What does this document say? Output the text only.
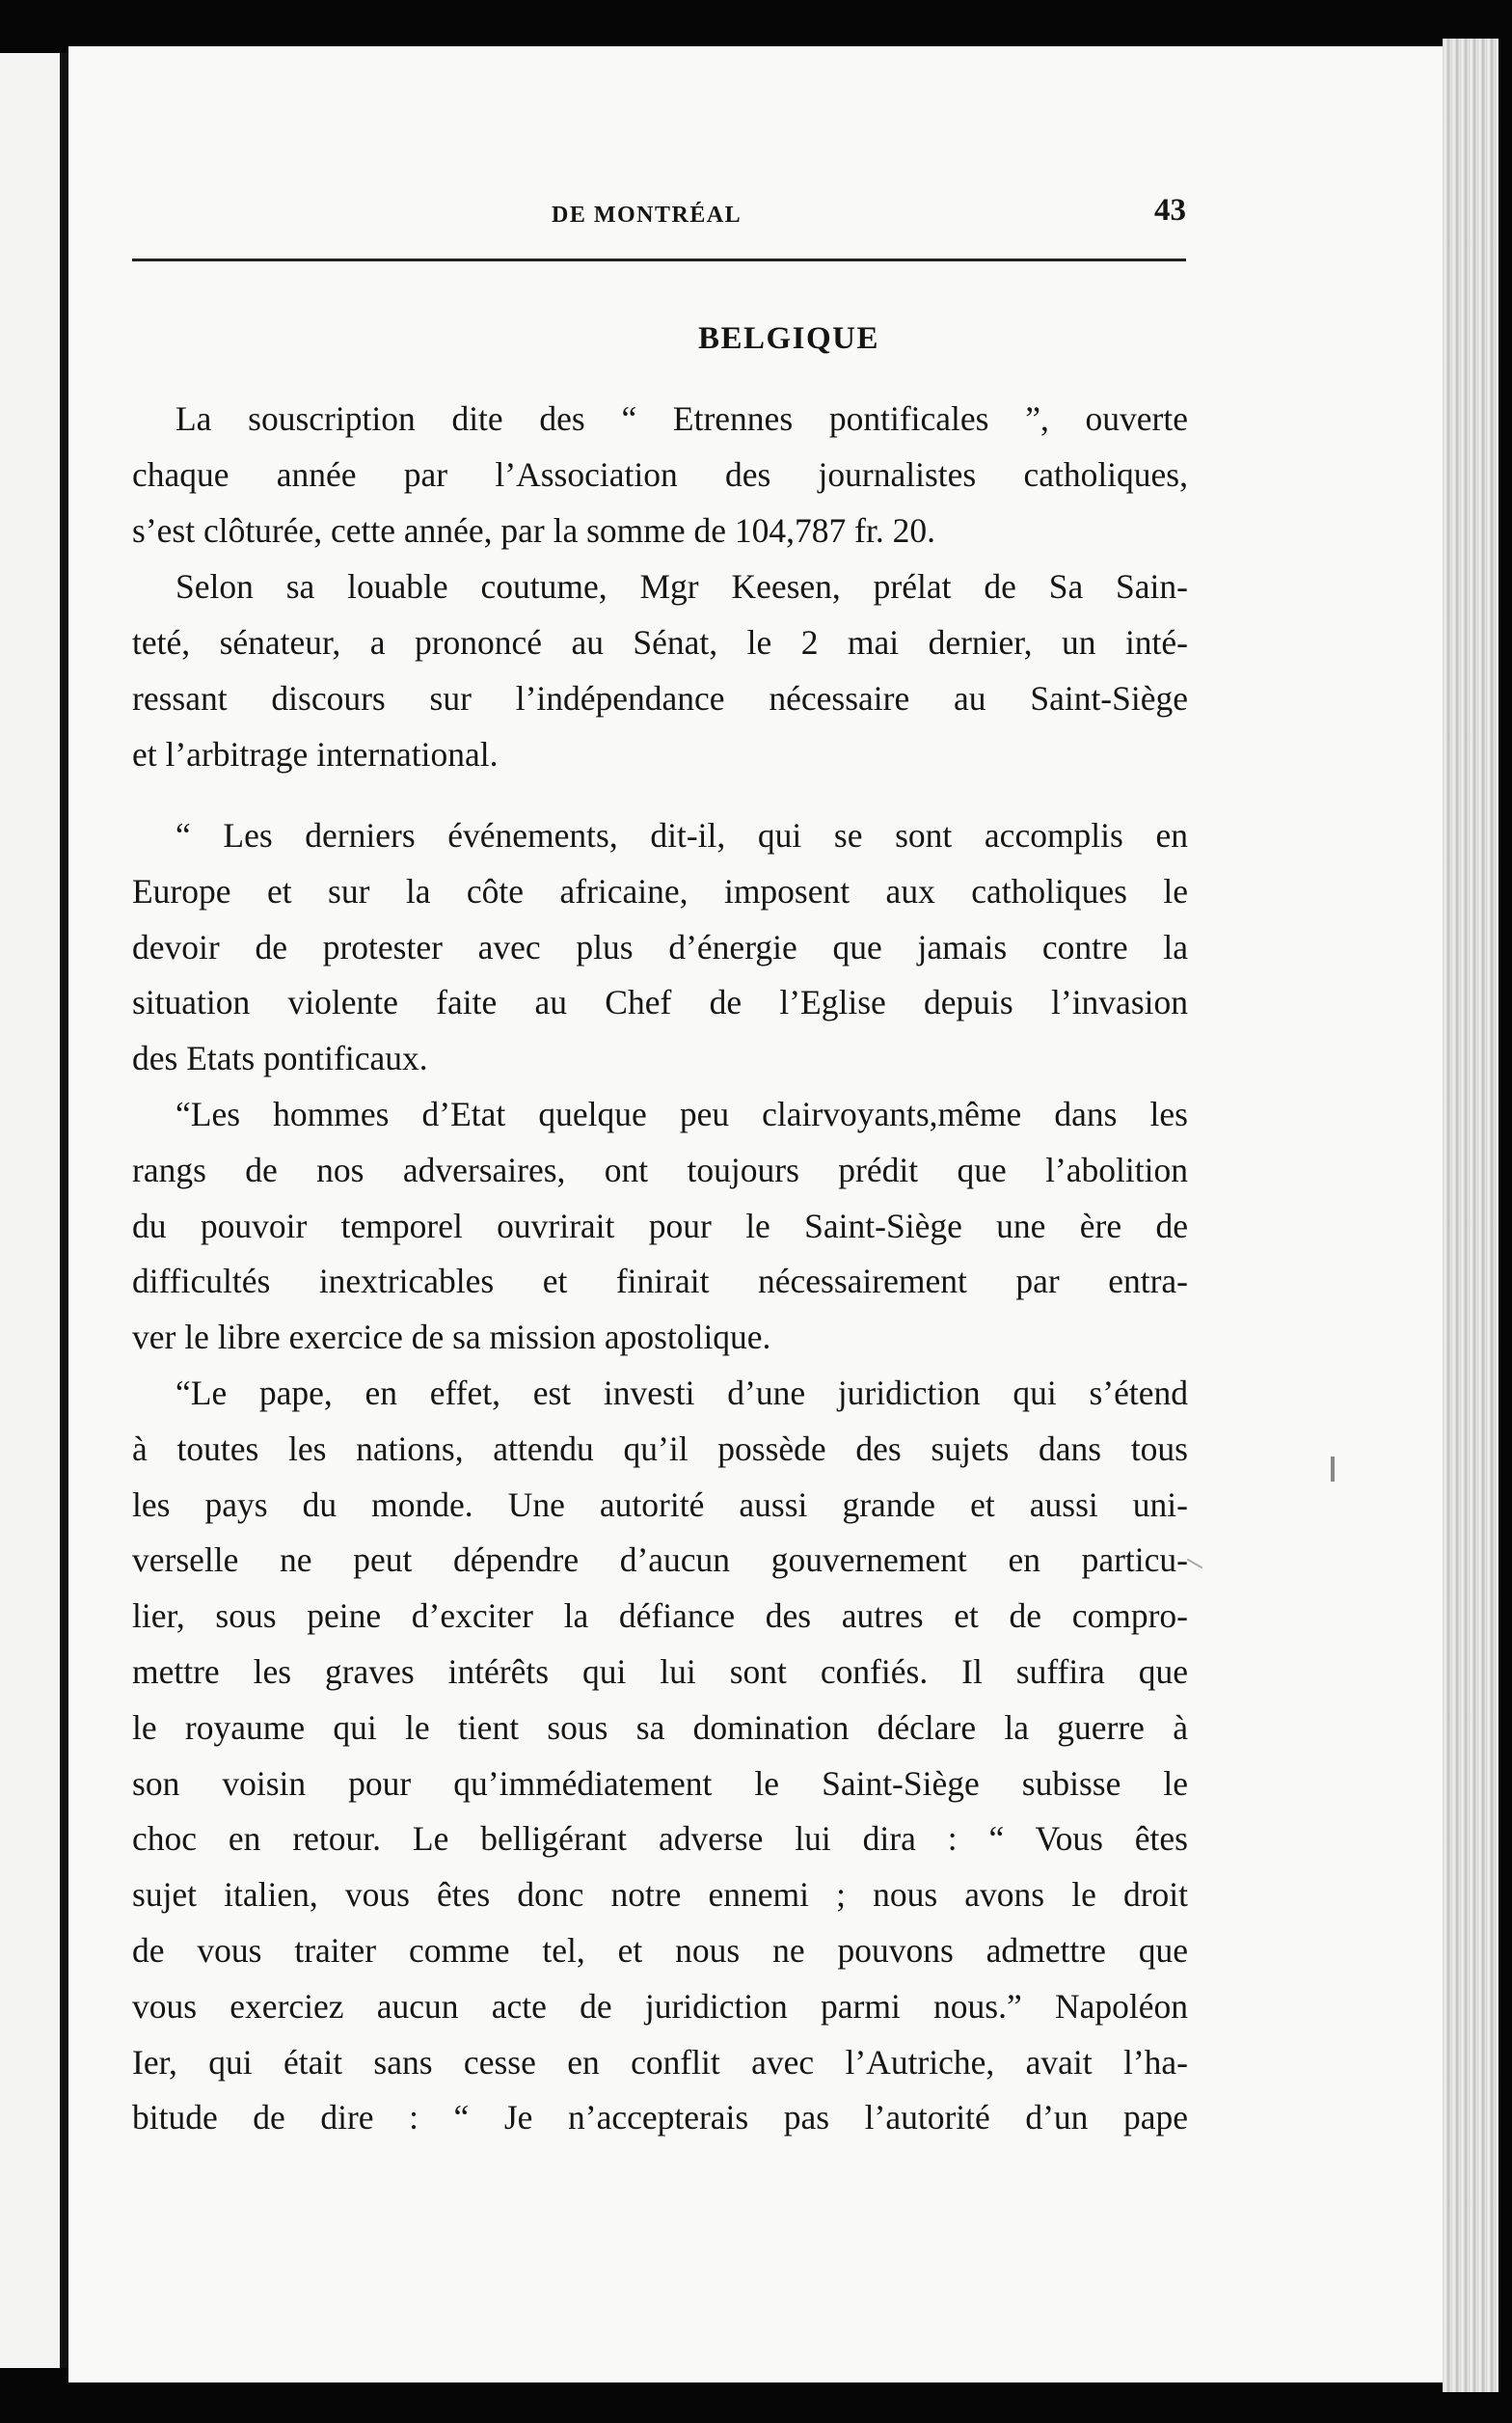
DE MONTRÉAL	43
BELGIQUE

La souscription dite des “ Etrennes pontificales ”, ouverte

chaque année par l’Association des journalistes catholiques,

s’est clôturée, cette année, par la somme de 104,787 fr. 20.

Selon sa louable coutume, Mgr Keesen, prélat de Sa Sain-

teté, sénateur, a prononcé au Sénat, le 2 mai dernier, un inté-

ressant discours sur l’indépendance nécessaire au Saint-Siège

et l’arbitrage international.

“ Les derniers événements, dit-il, qui se sont accomplis en

Europe et sur la côte africaine, imposent aux catholiques le

devoir de protester avec plus d’énergie que jamais contre la

situation violente faite au Chef de l’Eglise depuis l’invasion

des Etats pontificaux.

“Les hommes d’Etat quelque peu clairvoyants,même dans les

rangs de nos adversaires, ont toujours prédit que l’abolition

du pouvoir temporel ouvrirait pour le Saint-Siège une ère de

difficultés inextricables et finirait nécessairement par entra-

ver le libre exercice de sa mission apostolique.

“Le pape, en effet, est investi d’une juridiction qui s’étend

à toutes les nations, attendu qu’il possède des sujets dans tous

les pays du monde. Une autorité aussi grande et aussi uni-

verselle ne peut dépendre d’aucun gouvernement en particu-

lier, sous peine d’exciter la défiance des autres et de compro-

mettre les graves intérêts qui lui sont confiés. Il suffira que

le royaume qui le tient sous sa domination déclare la guerre à

son voisin pour qu’immédiatement le Saint-Siège subisse le

choc en retour. Le belligérant adverse lui dira : “ Vous êtes

sujet italien, vous êtes donc notre ennemi ; nous avons le droit

de vous traiter comme tel, et nous ne pouvons admettre que

vous exerciez aucun acte de juridiction parmi nous.” Napoléon

Ier, qui était sans cesse en conflit avec l’Autriche, avait l’ha-

bitude de dire : “ Je n’accepterais pas l’autorité d’un pape
